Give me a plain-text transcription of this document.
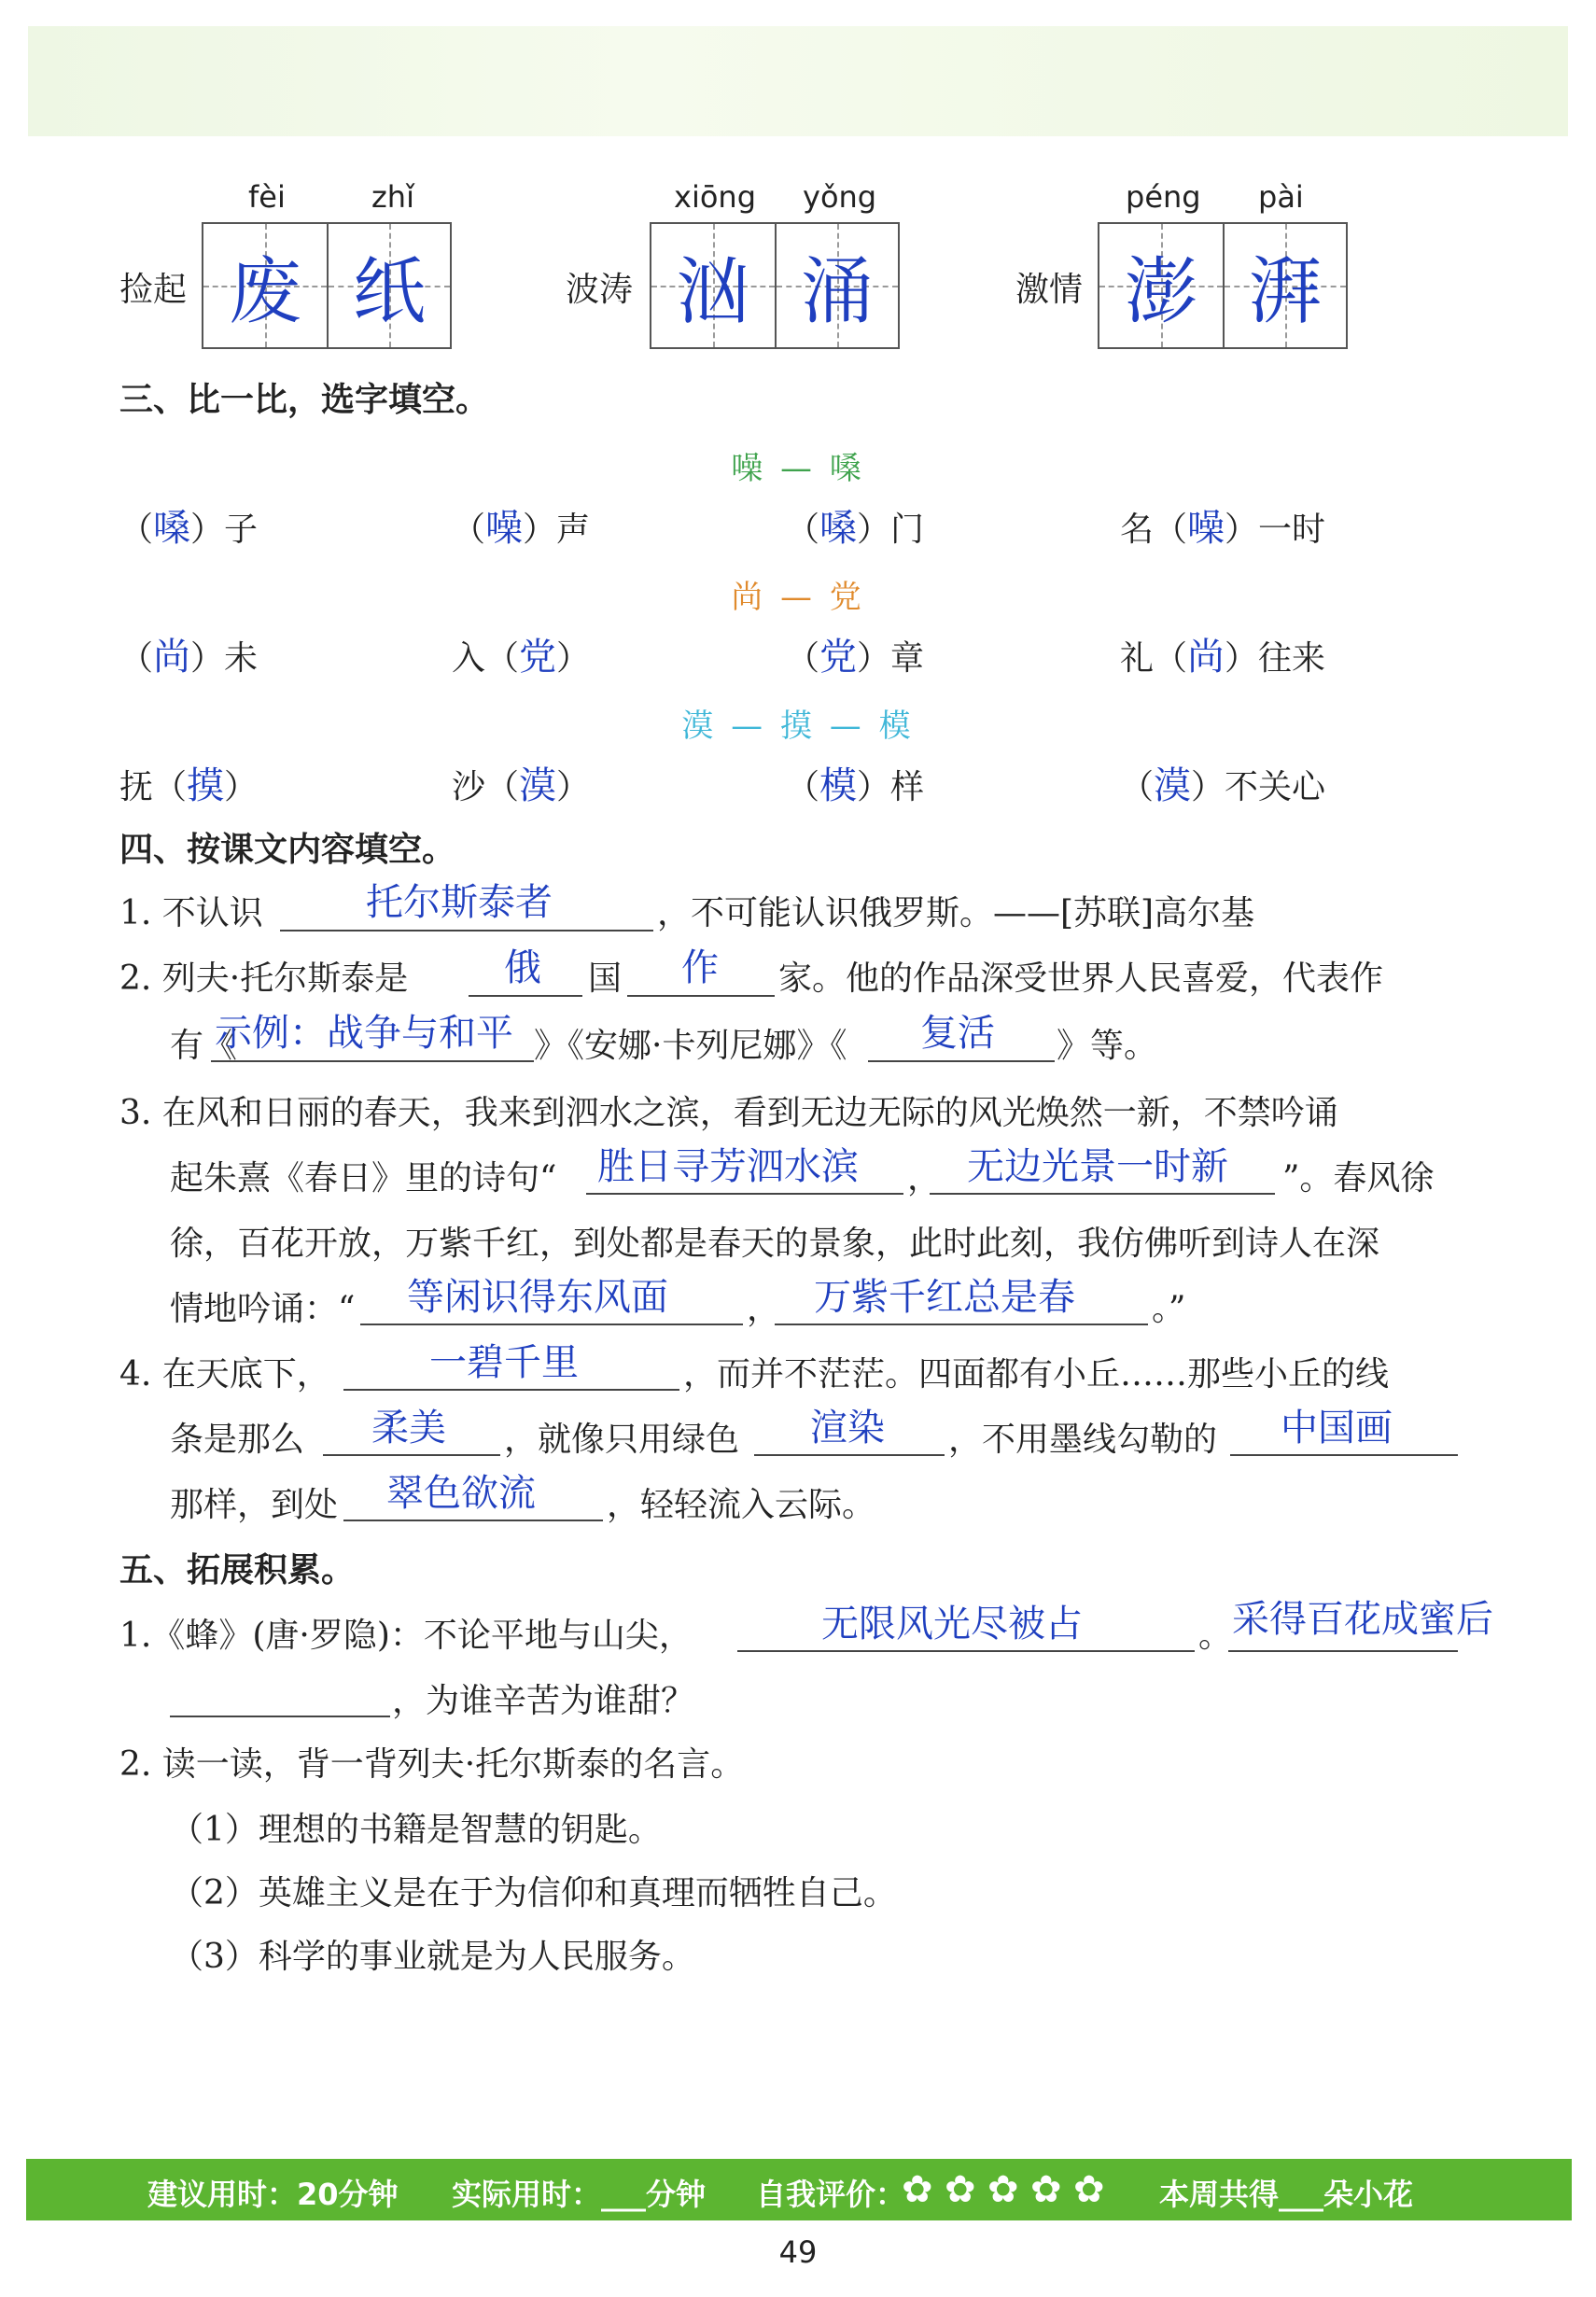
捡起
fèi	zhǐ
废 纸	波涛
xiōng yǒng
汹 涌	激情
péng pài
澎 湃
三、比一比，选字填空。
噪 — 嗓
（嗓）子	（噪）声	（嗓）门	名（噪）一时
尚 — 党
（尚）未	入（党）	（党）章	礼（尚）往来
漠 — 摸 — 模
抚（摸）	沙（漠）	（模）样	（漠）不关心
四、按课文内容填空。
1. 不认识	托尔斯泰者	，不可能认识俄罗斯。——[苏联]高尔基
2. 列夫·托尔斯泰是	俄 国 作 家。他的作品深受世界人民喜爱，代表作
有《
示例：战争与和平 》《安娜·卡列尼娜》《 复活 》等。
3. 在风和日丽的春天，我来到泗水之滨，看到无边无际的风光焕然一新，不禁吟诵
起朱熹《春日》里的诗句“ 胜日寻芳泗水滨 ， 无边光景一时新 ”。春风徐
徐，百花开放，万紫千红，到处都是春天的景象，此时此刻，我仿佛听到诗人在深
情地吟诵：“ 等闲识得东风面 ， 万紫千红总是春 。”
4. 在天底下，	一碧千里	，而并不茫茫。四面都有小丘……那些小丘的线
条是那么 柔美 ，就像只用绿色 渲染 ，不用墨线勾勒的 中国画
那样，到处 翠色欲流 ，轻轻流入云际。
五、拓展积累。
1.《蜂》(唐·罗隐)：不论平地与山尖，	无限风光尽被占	。 采得百花成蜜后
，为谁辛苦为谁甜？
2. 读一读，背一背列夫·托尔斯泰的名言。
（1）理想的书籍是智慧的钥匙。
（2）英雄主义是在于为信仰和真理而牺牲自己。
（3）科学的事业就是为人民服务。
建议用时：20分钟 实际用时：___分钟 自我评价：
✿ ✿ ✿ ✿ ✿ 本周共得___朵小花
49
